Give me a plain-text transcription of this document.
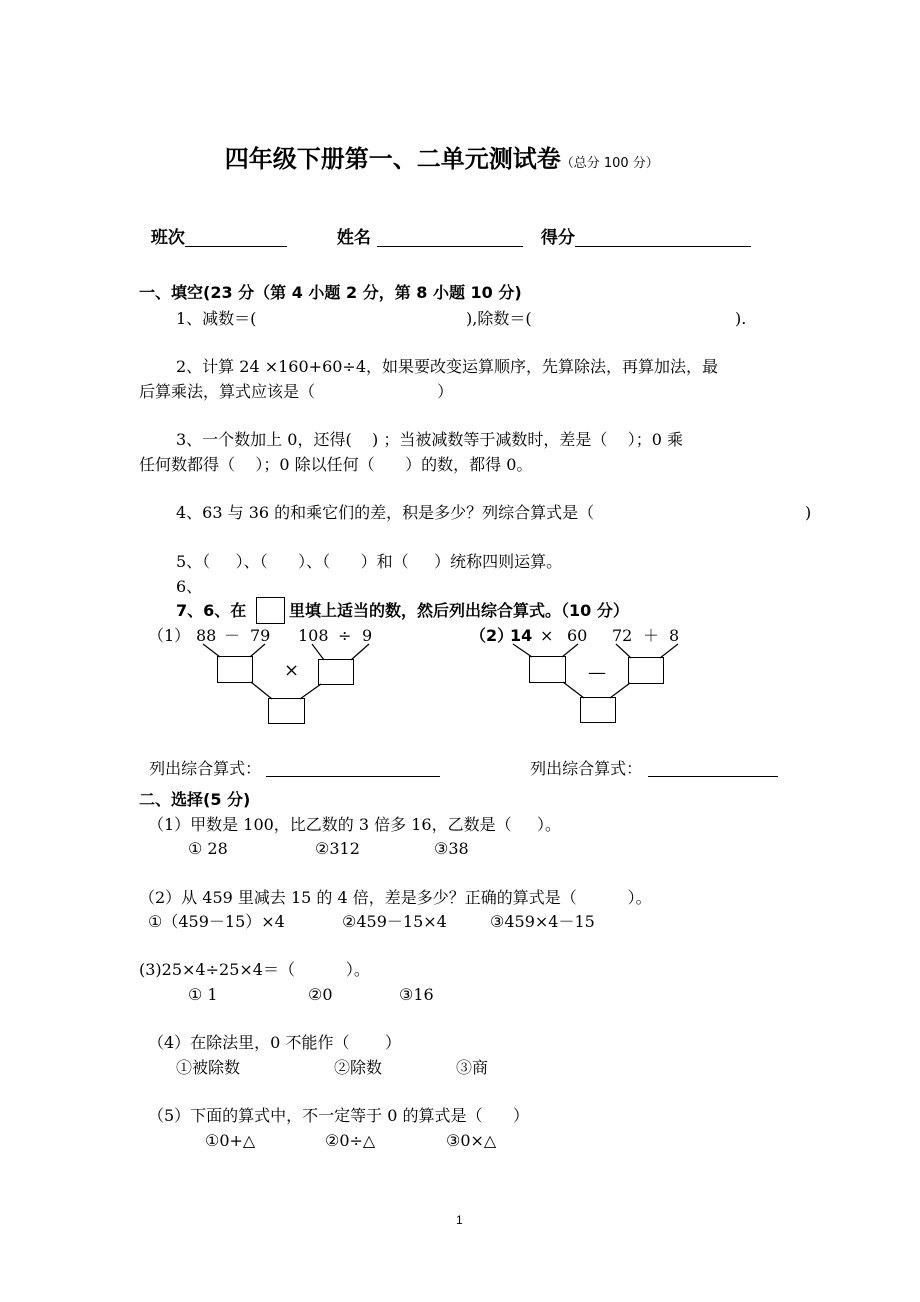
四年级下册第一、二单元测试卷（总分 100 分）

班次	姓名	得分

一、填空(23 分（第 4 小题 2 分，第 8 小题 10 分)
1、减数＝(	),除数＝(	).
2、计算 24 ×160+60÷4，如果要改变运算顺序，先算除法，再算加法，最
后算乘法，算式应该是（                        ）
3、一个数加上 0，还得(    ) ；当被减数等于减数时，差是（    ）；0 乘
任何数都得（    ）；0 除以任何（      ）的数，都得 0。
4、63 与 36 的和乘它们的差，积是多少？列综合算式是（	)
5、（     ）、（      ）、（      ）和（     ）统称四则运算。
6、
7、6、在	里填上适当的数，然后列出综合算式。（10 分）
（1） 88 － 79 108 ÷ 9
×
（2）
14 × 60 72 ＋ 8
—

列出综合算式：	列出综合算式：

二、选择(5 分)
（1）甲数是 100，比乙数的 3 倍多 16，乙数是（     ）。
① 28	②312	③38
（2）从 459 里减去 15 的 4 倍，差是多少？正确的算式是（          ）。
①（459－15）×4	②459－15×4	③459×4－15
(3)25×4÷25×4＝（          ）。
① 1	②0	③16
（4）在除法里，0 不能作（       ）
①被除数	②除数	③商
（5）下面的算式中，不一定等于 0 的算式是（      ）
①0+△	②0÷△	③0×△
1
